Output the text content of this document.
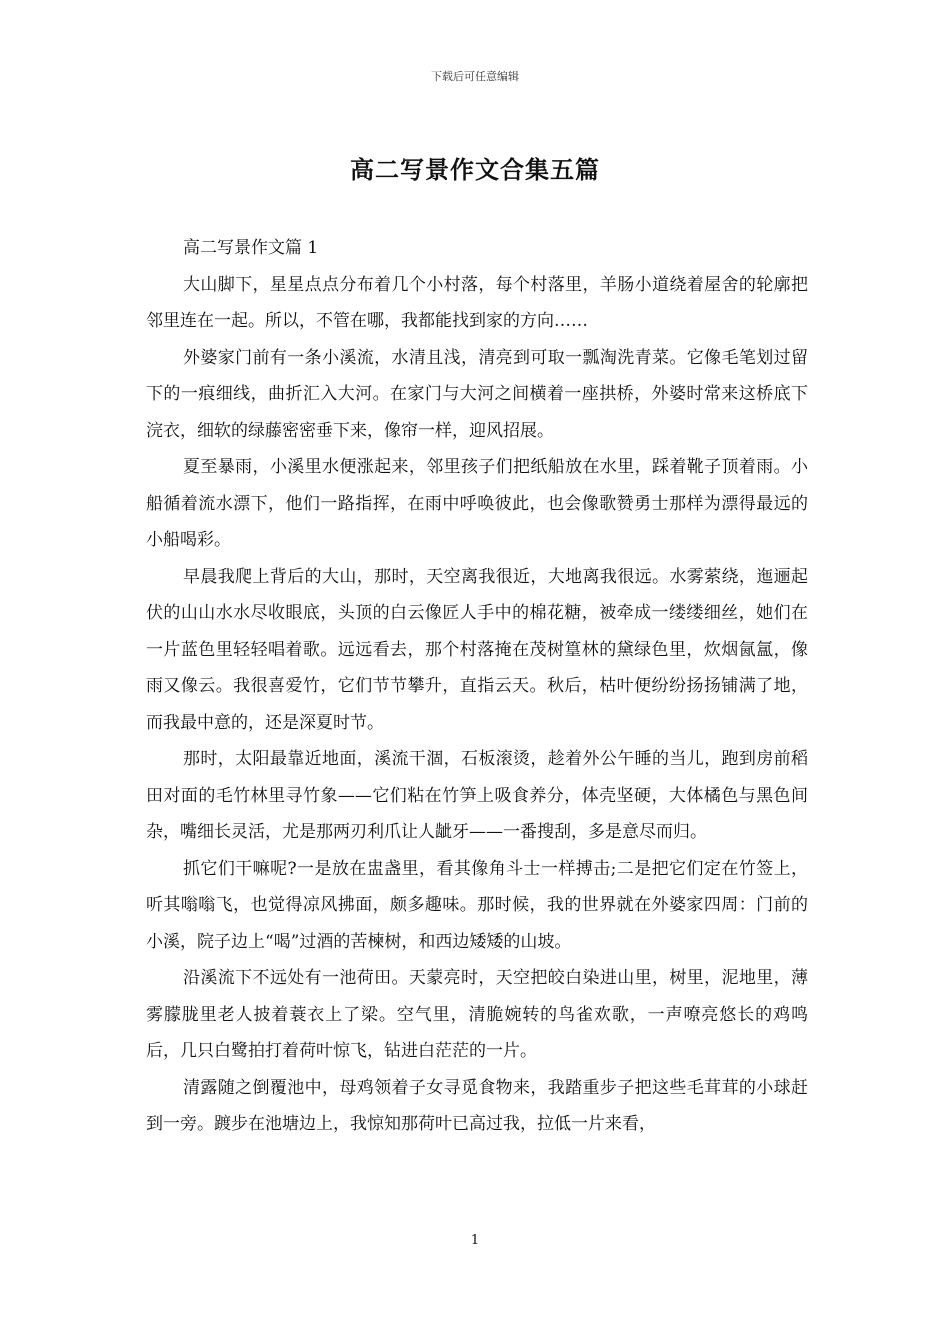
下载后可任意编辑
高二写景作文合集五篇

高二写景作文篇 1

大山脚下，星星点点分布着几个小村落，每个村落里，羊肠小道绕着屋舍的轮廓把邻里连在一起。所以，不管在哪，我都能找到家的方向……

外婆家门前有一条小溪流，水清且浅，清亮到可取一瓢淘洗青菜。它像毛笔划过留下的一痕细线，曲折汇入大河。在家门与大河之间横着一座拱桥，外婆时常来这桥底下浣衣，细软的绿藤密密垂下来，像帘一样，迎风招展。

夏至暴雨，小溪里水便涨起来，邻里孩子们把纸船放在水里，踩着靴子顶着雨。小船循着流水漂下，他们一路指挥，在雨中呼唤彼此，也会像歌赞勇士那样为漂得最远的小船喝彩。

早晨我爬上背后的大山，那时，天空离我很近，大地离我很远。水雾萦绕，迤逦起伏的山山水水尽收眼底，头顶的白云像匠人手中的棉花糖，被牵成一缕缕细丝，她们在一片蓝色里轻轻唱着歌。远远看去，那个村落掩在茂树篁林的黛绿色里，炊烟氤氲，像雨又像云。我很喜爱竹，它们节节攀升，直指云天。秋后，枯叶便纷纷扬扬铺满了地，而我最中意的，还是深夏时节。

那时，太阳最靠近地面，溪流干涸，石板滚烫，趁着外公午睡的当儿，跑到房前稻田对面的毛竹林里寻竹象——它们粘在竹笋上吸食养分，体壳坚硬，大体橘色与黑色间杂，嘴细长灵活，尤是那两刃利爪让人龇牙——一番搜刮，多是意尽而归。

抓它们干嘛呢?一是放在盅盏里，看其像角斗士一样搏击;二是把它们定在竹签上，听其嗡嗡飞，也觉得凉风拂面，颇多趣味。那时候，我的世界就在外婆家四周：门前的小溪，院子边上“喝”过酒的苦楝树，和西边矮矮的山坡。

沿溪流下不远处有一池荷田。天蒙亮时，天空把皎白染进山里，树里，泥地里，薄雾朦胧里老人披着蓑衣上了梁。空气里，清脆婉转的鸟雀欢歌，一声嘹亮悠长的鸡鸣后，几只白鹭拍打着荷叶惊飞，钻进白茫茫的一片。

清露随之倒覆池中，母鸡领着子女寻觅食物来，我踏重步子把这些毛茸茸的小球赶到一旁。踱步在池塘边上，我惊知那荷叶已高过我，拉低一片来看，

1
